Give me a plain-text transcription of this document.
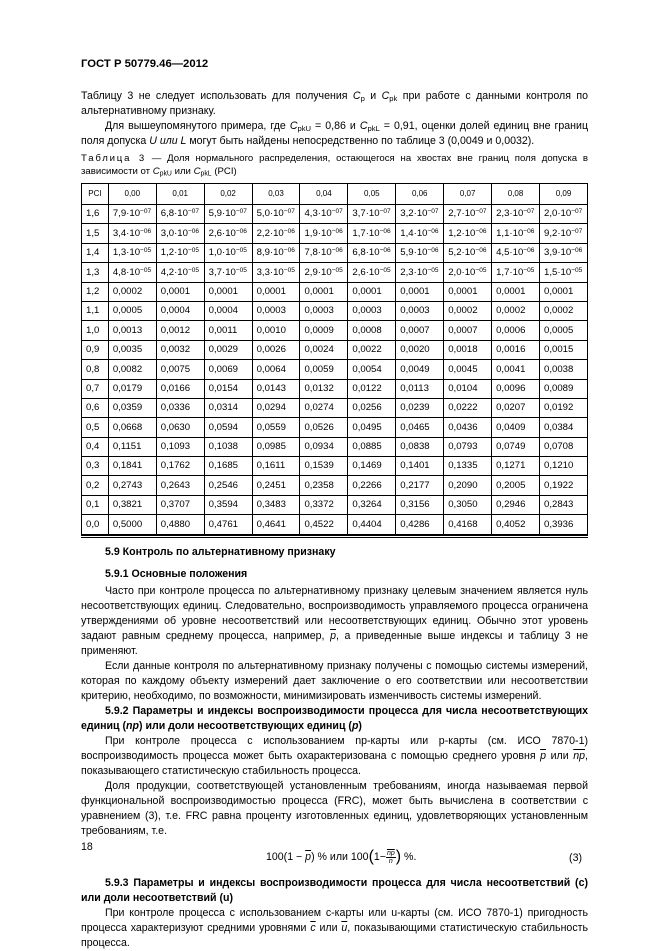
ГОСТ Р 50779.46—2012

Таблицу 3 не следует использовать для получения $C_p$ и $C_{pk}$ при работе с данными контроля по альтернативному признаку.

Для вышеупомянутого примера, где $C_{pkU} = 0,86$ и $C_{pkL} = 0,91$, оценки долей единиц вне границ поля допуска U или L могут быть найдены непосредственно по таблице 3 (0,0049 и 0,0032).

Таблица 3 — Доля нормального распределения, остающегося на хвостах вне границ поля допуска в зависимости от $C_{pkU}$ или $C_{pkL}$ (PCI)

PCI	0,00	0,01	0,02	0,03	0,04	0,05	0,06	0,07	0,08	0,09
1,6	$7,9\cdot 10^{-07}$	$6,8\cdot 10^{-07}$	$5,9\cdot 10^{-07}$	$5,0\cdot 10^{-07}$	$4,3\cdot 10^{-07}$	$3,7\cdot 10^{-07}$	$3,2\cdot 10^{-07}$	$2,7\cdot 10^{-07}$	$2,3\cdot 10^{-07}$	$2,0\cdot 10^{-07}$
1,5	$3,4\cdot 10^{-06}$	$3,0\cdot 10^{-06}$	$2,6\cdot 10^{-06}$	$2,2\cdot 10^{-06}$	$1,9\cdot 10^{-06}$	$1,7\cdot 10^{-06}$	$1,4\cdot 10^{-06}$	$1,2\cdot 10^{-06}$	$1,1\cdot 10^{-06}$	$9,2\cdot 10^{-07}$
1,4	$1,3\cdot 10^{-05}$	$1,2\cdot 10^{-05}$	$1,0\cdot 10^{-05}$	$8,9\cdot 10^{-06}$	$7,8\cdot 10^{-06}$	$6,8\cdot 10^{-06}$	$5,9\cdot 10^{-06}$	$5,2\cdot 10^{-06}$	$4,5\cdot 10^{-06}$	$3,9\cdot 10^{-06}$
1,3	$4,8\cdot 10^{-05}$	$4,2\cdot 10^{-05}$	$3,7\cdot 10^{-05}$	$3,3\cdot 10^{-05}$	$2,9\cdot 10^{-05}$	$2,6\cdot 10^{-05}$	$2,3\cdot 10^{-05}$	$2,0\cdot 10^{-05}$	$1,7\cdot 10^{-05}$	$1,5\cdot 10^{-05}$
1,2	0,0002	0,0001	0,0001	0,0001	0,0001	0,0001	0,0001	0,0001	0,0001	0,0001
1,1	0,0005	0,0004	0,0004	0,0003	0,0003	0,0003	0,0003	0,0002	0,0002	0,0002
1,0	0,0013	0,0012	0,0011	0,0010	0,0009	0,0008	0,0007	0,0007	0,0006	0,0005
0,9	0,0035	0,0032	0,0029	0,0026	0,0024	0,0022	0,0020	0,0018	0,0016	0,0015
0,8	0,0082	0,0075	0,0069	0,0064	0,0059	0,0054	0,0049	0,0045	0,0041	0,0038
0,7	0,0179	0,0166	0,0154	0,0143	0,0132	0,0122	0,0113	0,0104	0,0096	0,0089
0,6	0,0359	0,0336	0,0314	0,0294	0,0274	0,0256	0,0239	0,0222	0,0207	0,0192
0,5	0,0668	0,0630	0,0594	0,0559	0,0526	0,0495	0,0465	0,0436	0,0409	0,0384
0,4	0,1151	0,1093	0,1038	0,0985	0,0934	0,0885	0,0838	0,0793	0,0749	0,0708
0,3	0,1841	0,1762	0,1685	0,1611	0,1539	0,1469	0,1401	0,1335	0,1271	0,1210
0,2	0,2743	0,2643	0,2546	0,2451	0,2358	0,2266	0,2177	0,2090	0,2005	0,1922
0,1	0,3821	0,3707	0,3594	0,3483	0,3372	0,3264	0,3156	0,3050	0,2946	0,2843
0,0	0,5000	0,4880	0,4761	0,4641	0,4522	0,4404	0,4286	0,4168	0,4052	0,3936
5.9 Контроль по альтернативному признаку
5.9.1 Основные положения

Часто при контроле процесса по альтернативному признаку целевым значением является нуль несоответствующих единиц. Следовательно, воспроизводимость управляемого процесса ограничена утверждениями об уровне несоответствий или несоответствующих единиц. Обычно этот уровень задают равным среднему процесса, например, $\overline{p}$, а приведенные выше индексы и таблицу 3 не применяют.

Если данные контроля по альтернативному признаку получены с помощью системы измерений, которая по каждому объекту измерений дает заключение о его соответствии или несоответствии критерию, необходимо, по возможности, минимизировать изменчивость системы измерений.

5.9.2 Параметры и индексы воспроизводимости процесса для числа несоответствующих единиц (np) или доли несоответствующих единиц (p)

При контроле процесса с использованием np-карты или p-карты (см. ИСО 7870-1) воспроизводимость процесса может быть охарактеризована с помощью среднего уровня $\overline{p}$ или $\overline{np}$, показывающего статистическую стабильность процесса.

Доля продукции, соответствующей установленным требованиям, иногда называемая первой функциональной воспроизводимостью процесса (FRC), может быть вычислена в соответствии с уравнением (3), т.е. FRC равна проценту изготовленных единиц, удовлетворяющих установленным требованиям, т.е.

$100(1 - \overline{p})$ % или $100(1- \frac{\overline{np}}{n}$ ) %.	(3)

5.9.3 Параметры и индексы воспроизводимости процесса для числа несоответствий (с) или доли несоответствий (u)

При контроле процесса с использованием c-карты или u-карты (см. ИСО 7870-1) пригодность процесса характеризуют средними уровнями $\overline{c}$ или $\overline{u}$, показывающими статистическую стабильность процесса.

18
